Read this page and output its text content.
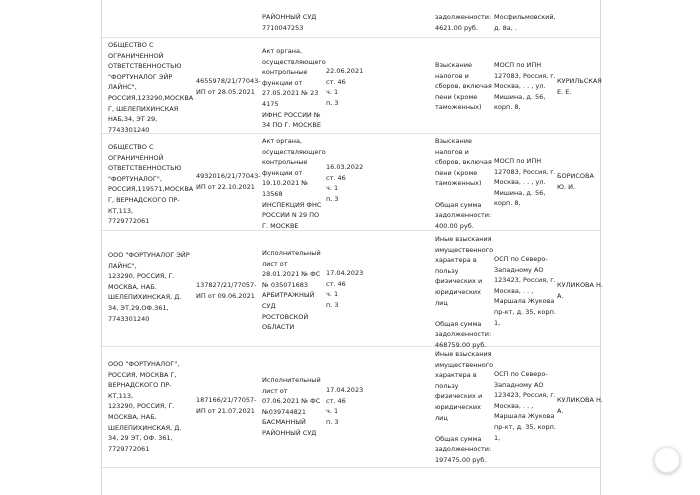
РАЙОННЫЙ СУД
7710047253
задолженности:
4621.00 руб.
Мосфильмовский,
д. 8а, .
ОБЩЕСТВО С
ОГРАНИЧЕННОЙ
ОТВЕТСТВЕННОСТЬЮ
"ФОРТУНАЛОГ ЭЙР
ЛАЙНС",
РОССИЯ,123290,МОСКВА
Г, ШЕЛЕПИХИНСКАЯ
НАБ,34, ЭТ 29,
7743301240
4655978/21/77043-
ИП от 28.05.2021
Акт органа,
осуществляющего
контрольные
функции от
27.05.2021 № 23
4175
ИФНС РОССИИ №
34 ПО Г. МОСКВЕ
22.06.2021
ст. 46
ч. 1
п. 3
Взыскание
налогов и
сборов, включая
пени (кроме
таможенных)
МОСП по ИПН
127083, Россия, г.
Москва, . . , ул.
Мишина, д. 56,
корп. 8,
КУРИЛЬСКАЯ
Е. Е.
ОБЩЕСТВО С
ОГРАНИЧЕННОЙ
ОТВЕТСТВЕННОСТЬЮ
"ФОРТУНАЛОГ",
РОССИЯ,119571,МОСКВА
Г, ВЕРНАДСКОГО ПР-
КТ,113,
7729772061
4932016/21/77043-
ИП от 22.10.2021
Акт органа,
осуществляющего
контрольные
функции от
19.10.2021 №
13568
ИНСПЕКЦИЯ ФНС
РОССИИ N 29 ПО
Г. МОСКВЕ
16.03.2022
ст. 46
ч. 1
п. 3
Взыскание
налогов и
сборов, включая
пени (кроме
таможенных)

Общая сумма
задолженности:
400.00 руб.
МОСП по ИПН
127083, Россия, г.
Москва, . . , ул.
Мишина, д. 56,
корп. 8,
БОРИСОВА
Ю. И.
ООО "ФОРТУНАЛОГ ЭЙР
ЛАЙНС",
123290, РОССИЯ, Г.
МОСКВА, НАБ.
ШЕЛЕПИХИНСКАЯ, Д.
34, ЭТ.29,ОФ.361,
7743301240
137827/21/77057-
ИП от 09.06.2021
Исполнительный
лист от
28.01.2021 № ФС
№ 035071683
АРБИТРАЖНЫЙ
СУД
РОСТОВСКОЙ
ОБЛАСТИ
17.04.2023
ст. 46
ч. 1
п. 3
Иные взыскания
имущественного
характера в
пользу
физических и
юридических
лиц

Общая сумма
задолженности:
468759.00 руб.
ОСП по Северо-
Западному АО
123423, Россия, г.
Москва, . . ,
Маршала Жукова
пр-кт, д. 35, корп.
1,
КУЛИКОВА Н.
А.
ООО "ФОРТУНАЛОГ",
РОССИЯ, МОСКВА Г,
ВЕРНАДСКОГО ПР-
КТ,113,
123290, РОССИЯ, Г.
МОСКВА, НАБ.
ШЕЛЕПИХИНСКАЯ, Д.
34, 29 ЭТ, ОФ. 361,
7729772061
187166/21/77057-
ИП от 21.07.2021
Исполнительный
лист от
07.06.2021 № ФС
№039744821
БАСМАННЫЙ
РАЙОННЫЙ СУД
17.04.2023
ст. 46
ч. 1
п. 3
Иные взыскания
имущественного
характера в
пользу
физических и
юридических
лиц

Общая сумма
задолженности:
197475.00 руб.
ОСП по Северо-
Западному АО
123423, Россия, г.
Москва, . . ,
Маршала Жукова
пр-кт, д. 35, корп.
1,
КУЛИКОВА Н.
А.
